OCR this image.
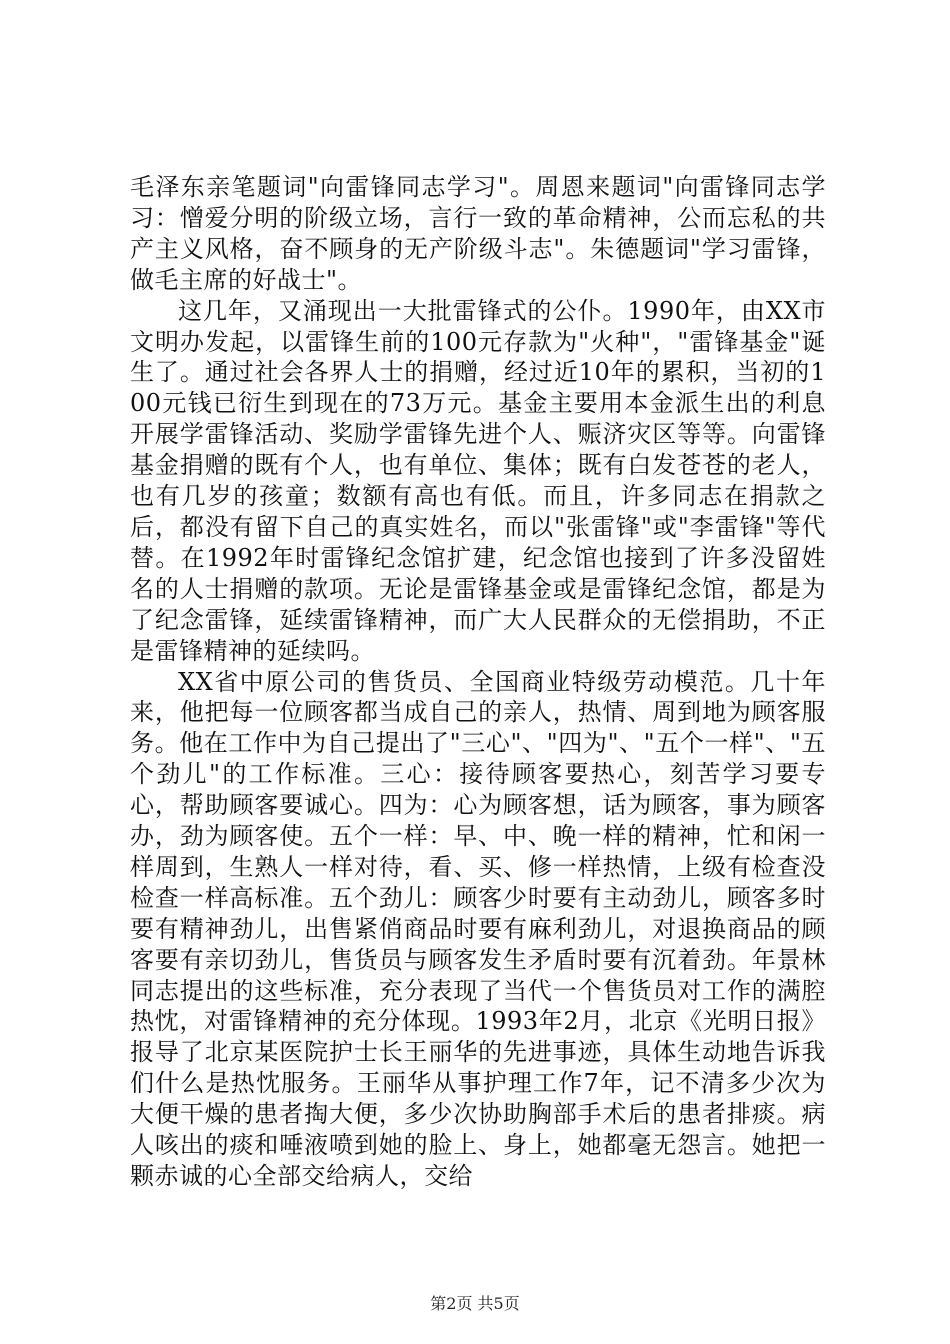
毛泽东亲笔题词"向雷锋同志学习"。周恩来题词"向雷锋同志学习：憎爱分明的阶级立场，言行一致的革命精神，公而忘私的共产主义风格，奋不顾身的无产阶级斗志"。朱德题词"学习雷锋，做毛主席的好战士"。

这几年，又涌现出一大批雷锋式的公仆。1990年，由XX市文明办发起，以雷锋生前的100元存款为"火种"，"雷锋基金"诞生了。通过社会各界人士的捐赠，经过近10年的累积，当初的100元钱已衍生到现在的73万元。基金主要用本金派生出的利息开展学雷锋活动、奖励学雷锋先进个人、赈济灾区等等。向雷锋基金捐赠的既有个人，也有单位、集体；既有白发苍苍的老人，也有几岁的孩童；数额有高也有低。而且，许多同志在捐款之后，都没有留下自己的真实姓名，而以"张雷锋"或"李雷锋"等代替。在1992年时雷锋纪念馆扩建，纪念馆也接到了许多没留姓名的人士捐赠的款项。无论是雷锋基金或是雷锋纪念馆，都是为了纪念雷锋，延续雷锋精神，而广大人民群众的无偿捐助，不正是雷锋精神的延续吗。

XX省中原公司的售货员、全国商业特级劳动模范。几十年来，他把每一位顾客都当成自己的亲人，热情、周到地为顾客服务。他在工作中为自己提出了"三心"、"四为"、"五个一样"、"五个劲儿"的工作标准。三心：接待顾客要热心，刻苦学习要专心，帮助顾客要诚心。四为：心为顾客想，话为顾客，事为顾客办，劲为顾客使。五个一样：早、中、晚一样的精神，忙和闲一样周到，生熟人一样对待，看、买、修一样热情，上级有检查没检查一样高标准。五个劲儿：顾客少时要有主动劲儿，顾客多时要有精神劲儿，出售紧俏商品时要有麻利劲儿，对退换商品的顾客要有亲切劲儿，售货员与顾客发生矛盾时要有沉着劲。年景林同志提出的这些标准，充分表现了当代一个售货员对工作的满腔热忱，对雷锋精神的充分体现。1993年2月，北京《光明日报》报导了北京某医院护士长王丽华的先进事迹，具体生动地告诉我们什么是热忱服务。王丽华从事护理工作7年，记不清多少次为大便干燥的患者掏大便，多少次协助胸部手术后的患者排痰。病人咳出的痰和唾液喷到她的脸上、身上，她都毫无怨言。她把一颗赤诚的心全部交给病人，交给

第2页 共5页
